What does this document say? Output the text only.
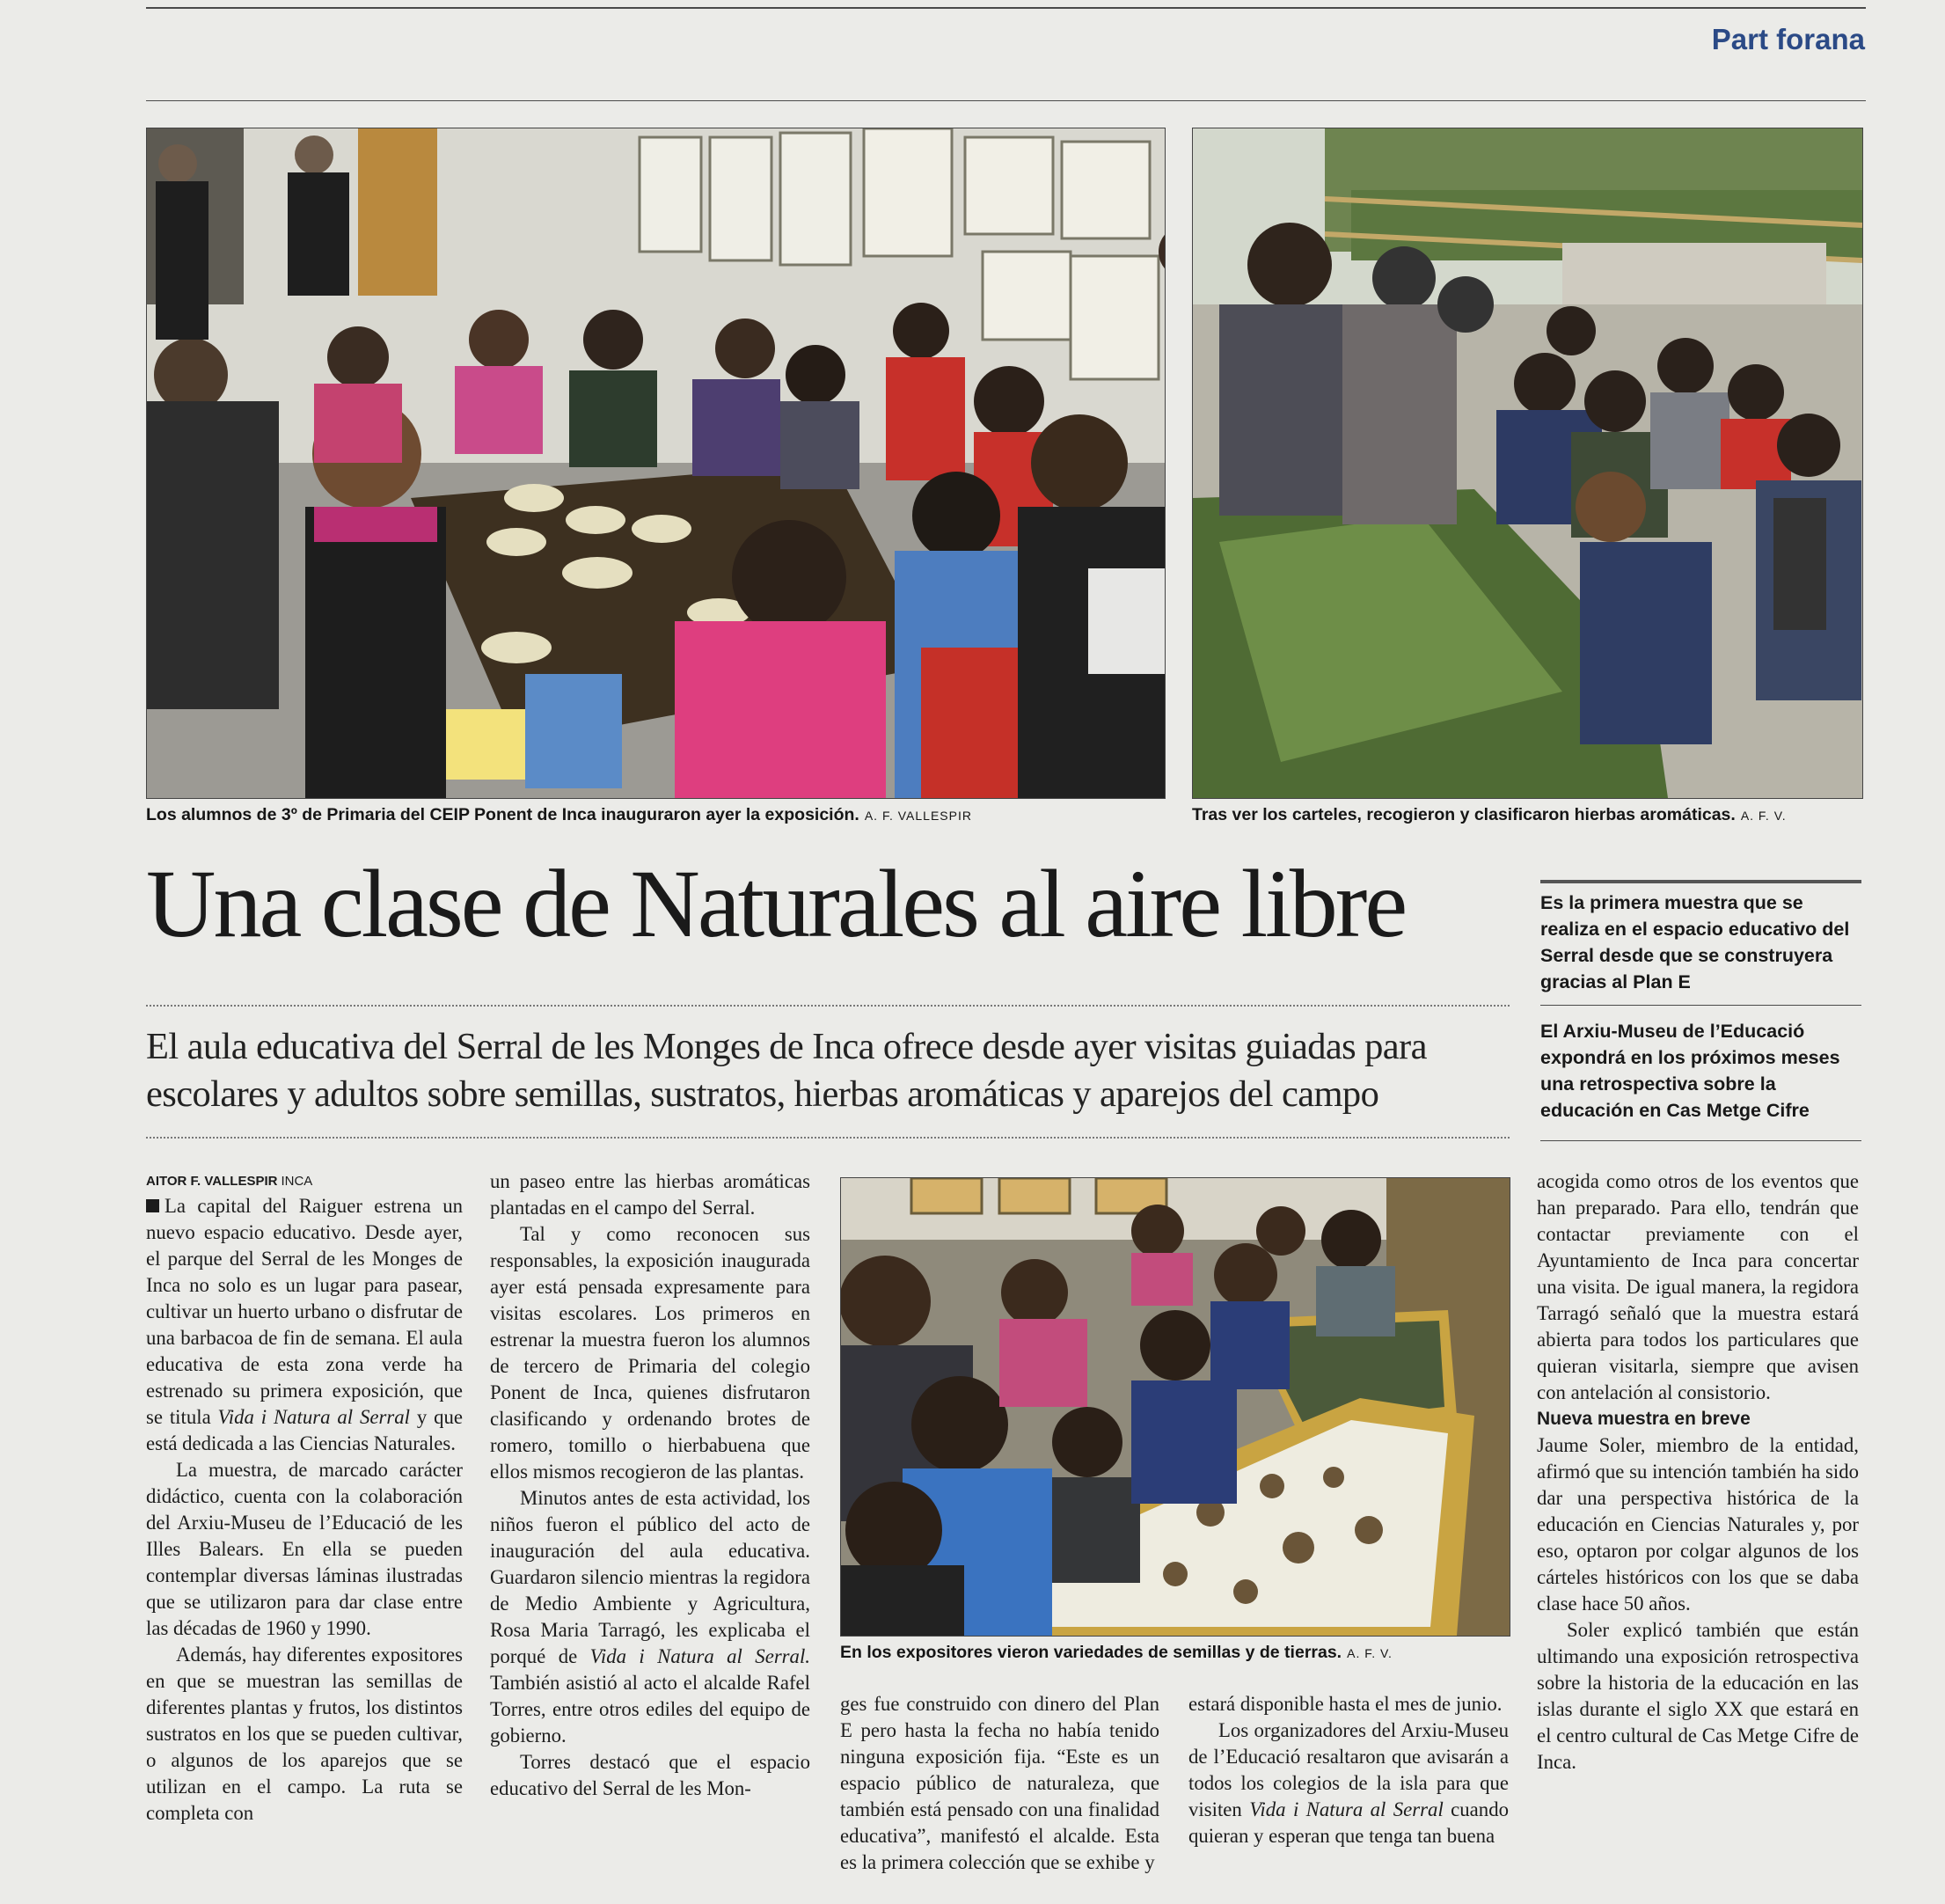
Part forana
Los alumnos de 3º de Primaria del CEIP Ponent de Inca inauguraron ayer la exposición. A. F. VALLESPIR	Tras ver los carteles, recogieron y clasificaron hierbas aromáticas. A. F. V.
Una clase de Naturales al aire libre	Es la primera muestra que se realiza en el espacio educativo del Serral desde que se construyera gracias al Plan E
El Arxiu-Museu de l’Educació expondrá en los próximos meses una retrospectiva sobre la educación en Cas Metge Cifre
El aula educativa del Serral de les Monges de Inca ofrece desde ayer visitas guiadas para escolares y adultos sobre semillas, sustratos, hierbas aromáticas y aparejos del campo
AITOR F. VALLESPIR INCA

La capital del Raiguer estrena un nuevo espacio educativo. Desde ayer, el parque del Serral de les Monges de Inca no solo es un lugar para pasear, cultivar un huerto urbano o disfrutar de una barbacoa de fin de semana. El aula educativa de esta zona verde ha estrenado su primera exposición, que se titula Vida i Natura al Serral y que está dedicada a las Ciencias Naturales.

La muestra, de marcado carácter didáctico, cuenta con la colaboración del Arxiu-Museu de l’Educació de les Illes Balears. En ella se pueden contemplar diversas láminas ilustradas que se utilizaron para dar clase entre las décadas de 1960 y 1990.

Además, hay diferentes expositores en que se muestran las semillas de diferentes plantas y frutos, los distintos sustratos en los que se pueden cultivar, o algunos de los aparejos que se utilizan en el campo. La ruta se completa con

un paseo entre las hierbas aromáticas plantadas en el campo del Serral.

Tal y como reconocen sus responsables, la exposición inaugurada ayer está pensada expresamente para visitas escolares. Los primeros en estrenar la muestra fueron los alumnos de tercero de Primaria del colegio Ponent de Inca, quienes disfrutaron clasificando y ordenando brotes de romero, tomillo o hierbabuena que ellos mismos recogieron de las plantas.

Minutos antes de esta actividad, los niños fueron el público del acto de inauguración del aula educativa. Guardaron silencio mientras la regidora de Medio Ambiente y Agricultura, Rosa Maria Tarragó, les explicaba el porqué de Vida i Natura al Serral. También asistió al acto el alcalde Rafel Torres, entre otros ediles del equipo de gobierno.

Torres destacó que el espacio educativo del Serral de les Mon-

En los expositores vieron variedades de semillas y de tierras. A. F. V.

ges fue construido con dinero del Plan E pero hasta la fecha no había tenido ninguna exposición fija. “Este es un espacio público de naturaleza, que también está pensado con una finalidad educativa”, manifestó el alcalde. Esta es la primera colección que se exhibe y

estará disponible hasta el mes de junio.

Los organizadores del Arxiu-Museu de l’Educació resaltaron que avisarán a todos los colegios de la isla para que visiten Vida i Natura al Serral cuando quieran y esperan que tenga tan buena

acogida como otros de los eventos que han preparado. Para ello, tendrán que contactar previamente con el Ayuntamiento de Inca para concertar una visita. De igual manera, la regidora Tarragó señaló que la muestra estará abierta para todos los particulares que quieran visitarla, siempre que avisen con antelación al consistorio.

Nueva muestra en breve

Jaume Soler, miembro de la entidad, afirmó que su intención también ha sido dar una perspectiva histórica de la educación en Ciencias Naturales y, por eso, optaron por colgar algunos de los cárteles históricos con los que se daba clase hace 50 años.

Soler explicó también que están ultimando una exposición retrospectiva sobre la historia de la educación en las islas durante el siglo XX que estará en el centro cultural de Cas Metge Cifre de Inca.
